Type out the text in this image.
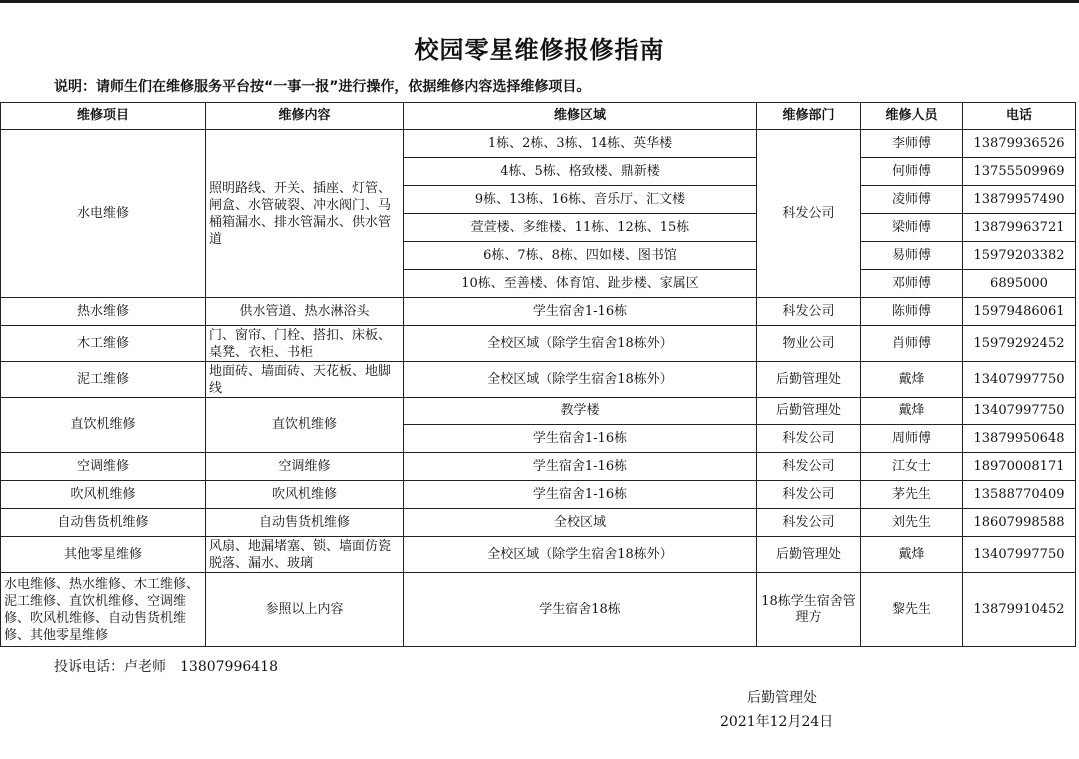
校园零星维修报修指南
说明：请师生们在维修服务平台按“一事一报”进行操作，依据维修内容选择维修项目。
维修项目	维修内容	维修区域	维修部门	维修人员	电话
水电维修	照明路线、开关、插座、灯管、闸盒、水管破裂、冲水阀门、马桶箱漏水、排水管漏水、供水管道	1栋、2栋、3栋、14栋、英华楼	科发公司	李师傅	13879936526
		4栋、5栋、格致楼、鼎新楼		何师傅	13755509969
		9栋、13栋、16栋、音乐厅、汇文楼		凌师傅	13879957490
		萱萱楼、多维楼、11栋、12栋、15栋		梁师傅	13879963721
		6栋、7栋、8栋、四如楼、图书馆		易师傅	15979203382
		10栋、至善楼、体育馆、趾步楼、家属区		邓师傅	6895000
热水维修	供水管道、热水淋浴头	学生宿舍1-16栋	科发公司	陈师傅	15979486061
木工维修	门、窗帘、门栓、搭扣、床板、桌凳、衣柜、书柜	全校区域（除学生宿舍18栋外）	物业公司	肖师傅	15979292452
泥工维修	地面砖、墙面砖、天花板、地脚线	全校区域（除学生宿舍18栋外）	后勤管理处	戴烽	13407997750
直饮机维修	直饮机维修	教学楼	后勤管理处	戴烽	13407997750
		学生宿舍1-16栋	科发公司	周师傅	13879950648
空调维修	空调维修	学生宿舍1-16栋	科发公司	江女士	18970008171
吹风机维修	吹风机维修	学生宿舍1-16栋	科发公司	茅先生	13588770409
自动售货机维修	自动售货机维修	全校区域	科发公司	刘先生	18607998588
其他零星维修	风扇、地漏堵塞、锁、墙面仿瓷脱落、漏水、玻璃	全校区域（除学生宿舍18栋外）	后勤管理处	戴烽	13407997750
水电维修、热水维修、木工维修、泥工维修、直饮机维修、空调维修、吹风机维修、自动售货机维修、其他零星维修	参照以上内容	学生宿舍18栋	18栋学生宿舍管理方	黎先生	13879910452
投诉电话：卢老师　13807996418
后勤管理处
2021年12月24日
